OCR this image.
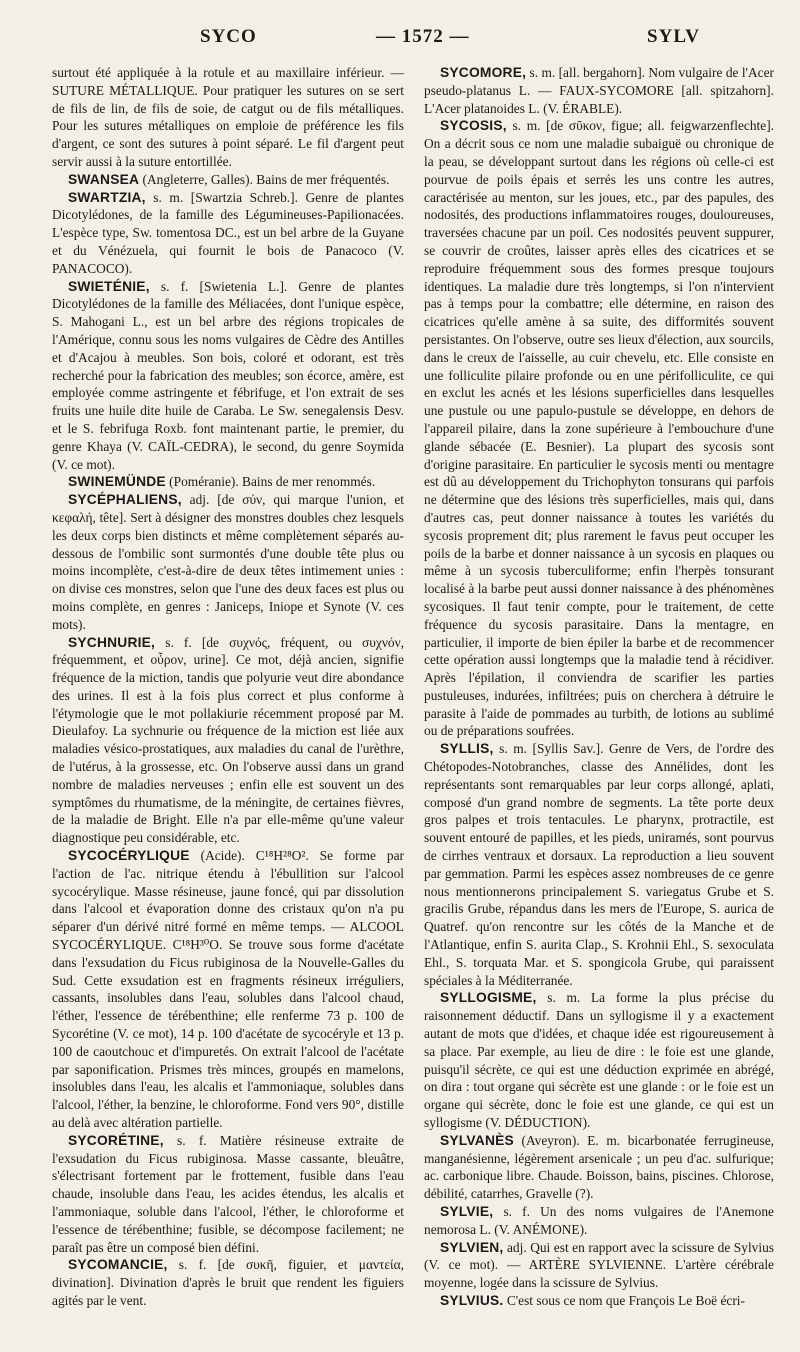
SYCO	— 1572 —	SYLV

surtout été appliquée à la rotule et au maxillaire inférieur. — SUTURE MÉTALLIQUE. Pour pratiquer les sutures on se sert de fils de lin, de fils de soie, de catgut ou de fils métalliques. Pour les sutures métalliques on emploie de préférence les fils d'argent, ce sont des sutures à point séparé. Le fil d'argent peut servir aussi à la suture entortillée.

SWANSEA (Angleterre, Galles). Bains de mer fréquentés.

SWARTZIA, s. m. [Swartzia Schreb.]. Genre de plantes Dicotylédones, de la famille des Légumineuses-Papilionacées. L'espèce type, Sw. tomentosa DC., est un bel arbre de la Guyane et du Vénézuela, qui fournit le bois de Panacoco (V. PANACOCO).

SWIETÉNIE, s. f. [Swietenia L.]. Genre de plantes Dicotylédones de la famille des Méliacées, dont l'unique espèce, S. Mahogani L., est un bel arbre des régions tropicales de l'Amérique, connu sous les noms vulgaires de Cèdre des Antilles et d'Acajou à meubles. Son bois, coloré et odorant, est très recherché pour la fabrication des meubles; son écorce, amère, est employée comme astringente et fébrifuge, et l'on extrait de ses fruits une huile dite huile de Caraba. Le Sw. senegalensis Desv. et le S. febrifuga Roxb. font maintenant partie, le premier, du genre Khaya (V. CAÏL-CEDRA), le second, du genre Soymida (V. ce mot).

SWINEMÜNDE (Poméranie). Bains de mer renommés.

SYCÉPHALIENS, adj. [de σύν, qui marque l'union, et κεφαλή, tête]. Sert à désigner des monstres doubles chez lesquels les deux corps bien distincts et même complètement séparés au-dessous de l'ombilic sont surmontés d'une double tête plus ou moins incomplète, c'est-à-dire de deux têtes intimement unies : on divise ces monstres, selon que l'une des deux faces est plus ou moins complète, en genres : Janiceps, Iniope et Synote (V. ces mots).

SYCHNURIE, s. f. [de συχνός, fréquent, ou συχνόν, fréquemment, et οὖρον, urine]. Ce mot, déjà ancien, signifie fréquence de la miction, tandis que polyurie veut dire abondance des urines. Il est à la fois plus correct et plus conforme à l'étymologie que le mot pollakiurie récemment proposé par M. Dieulafoy. La sychnurie ou fréquence de la miction est liée aux maladies vésico-prostatiques, aux maladies du canal de l'urèthre, de l'utérus, à la grossesse, etc. On l'observe aussi dans un grand nombre de maladies nerveuses ; enfin elle est souvent un des symptômes du rhumatisme, de la méningite, de certaines fièvres, de la maladie de Bright. Elle n'a par elle-même qu'une valeur diagnostique peu considérable, etc.

SYCOCÉRYLIQUE (Acide). C¹⁸H²⁸O². Se forme par l'action de l'ac. nitrique étendu à l'ébullition sur l'alcool sycocérylique. Masse résineuse, jaune foncé, qui par dissolution dans l'alcool et évaporation donne des cristaux qu'on n'a pu séparer d'un dérivé nitré formé en même temps. — ALCOOL SYCOCÉRYLIQUE. C¹⁸H³⁰O. Se trouve sous forme d'acétate dans l'exsudation du Ficus rubiginosa de la Nouvelle-Galles du Sud. Cette exsudation est en fragments résineux irréguliers, cassants, insolubles dans l'eau, solubles dans l'alcool chaud, l'éther, l'essence de térébenthine; elle renferme 73 p. 100 de Sycorétine (V. ce mot), 14 p. 100 d'acétate de sycocéryle et 13 p. 100 de caoutchouc et d'impuretés. On extrait l'alcool de l'acétate par saponification. Prismes très minces, groupés en mamelons, insolubles dans l'eau, les alcalis et l'ammoniaque, solubles dans l'alcool, l'éther, la benzine, le chloroforme. Fond vers 90°, distille au delà avec altération partielle.

SYCORÉTINE, s. f. Matière résineuse extraite de l'exsudation du Ficus rubiginosa. Masse cassante, bleuâtre, s'électrisant fortement par le frottement, fusible dans l'eau chaude, insoluble dans l'eau, les acides étendus, les alcalis et l'ammoniaque, soluble dans l'alcool, l'éther, le chloroforme et l'essence de térébenthine; fusible, se décompose facilement; ne paraît pas être un composé bien défini.

SYCOMANCIE, s. f. [de συκῆ, figuier, et μαντεία, divination]. Divination d'après le bruit que rendent les figuiers agités par le vent.

SYCOMORE, s. m. [all. bergahorn]. Nom vulgaire de l'Acer pseudo-platanus L. — FAUX-SYCOMORE [all. spitzahorn]. L'Acer platanoides L. (V. ÉRABLE).

SYCOSIS, s. m. [de σῦκον, figue; all. feigwarzenflechte]. On a décrit sous ce nom une maladie subaiguë ou chronique de la peau, se développant surtout dans les régions où celle-ci est pourvue de poils épais et serrés les uns contre les autres, caractérisée au menton, sur les joues, etc., par des papules, des nodosités, des productions inflammatoires rouges, douloureuses, traversées chacune par un poil. Ces nodosités peuvent suppurer, se couvrir de croûtes, laisser après elles des cicatrices et se reproduire fréquemment sous des formes presque toujours identiques. La maladie dure très longtemps, si l'on n'intervient pas à temps pour la combattre; elle détermine, en raison des cicatrices qu'elle amène à sa suite, des difformités souvent persistantes. On l'observe, outre ses lieux d'élection, aux sourcils, dans le creux de l'aisselle, au cuir chevelu, etc. Elle consiste en une folliculite pilaire profonde ou en une périfolliculite, ce qui en exclut les acnés et les lésions superficielles dans lesquelles une pustule ou une papulo-pustule se développe, en dehors de l'appareil pilaire, dans la zone supérieure à l'embouchure d'une glande sébacée (E. Besnier). La plupart des sycosis sont d'origine parasitaire. En particulier le sycosis menti ou mentagre est dû au développement du Trichophyton tonsurans qui parfois ne détermine que des lésions très superficielles, mais qui, dans d'autres cas, peut donner naissance à toutes les variétés du sycosis proprement dit; plus rarement le favus peut occuper les poils de la barbe et donner naissance à un sycosis en plaques ou même à un sycosis tuberculiforme; enfin l'herpès tonsurant localisé à la barbe peut aussi donner naissance à des phénomènes sycosiques. Il faut tenir compte, pour le traitement, de cette fréquence du sycosis parasitaire. Dans la mentagre, en particulier, il importe de bien épiler la barbe et de recommencer cette opération aussi longtemps que la maladie tend à récidiver. Après l'épilation, il conviendra de scarifier les parties pustuleuses, indurées, infiltrées; puis on cherchera à détruire le parasite à l'aide de pommades au turbith, de lotions au sublimé ou de préparations soufrées.

SYLLIS, s. m. [Syllis Sav.]. Genre de Vers, de l'ordre des Chétopodes-Notobranches, classe des Annélides, dont les représentants sont remarquables par leur corps allongé, aplati, composé d'un grand nombre de segments. La tête porte deux gros palpes et trois tentacules. Le pharynx, protractile, est souvent entouré de papilles, et les pieds, uniramés, sont pourvus de cirrhes ventraux et dorsaux. La reproduction a lieu souvent par gemmation. Parmi les espèces assez nombreuses de ce genre nous mentionnerons principalement S. variegatus Grube et S. gracilis Grube, répandus dans les mers de l'Europe, S. aurica de Quatref. qu'on rencontre sur les côtés de la Manche et de l'Atlantique, enfin S. aurita Clap., S. Krohnii Ehl., S. sexoculata Ehl., S. torquata Mar. et S. spongicola Grube, qui paraissent spéciales à la Méditerranée.

SYLLOGISME, s. m. La forme la plus précise du raisonnement déductif. Dans un syllogisme il y a exactement autant de mots que d'idées, et chaque idée est rigoureusement à sa place. Par exemple, au lieu de dire : le foie est une glande, puisqu'il sécrète, ce qui est une déduction exprimée en abrégé, on dira : tout organe qui sécrète est une glande : or le foie est un organe qui sécrète, donc le foie est une glande, ce qui est un syllogisme (V. DÉDUCTION).

SYLVANÈS (Aveyron). E. m. bicarbonatée ferrugineuse, manganésienne, légèrement arsenicale ; un peu d'ac. sulfurique; ac. carbonique libre. Chaude. Boisson, bains, piscines. Chlorose, débilité, catarrhes, Gravelle (?).

SYLVIE, s. f. Un des noms vulgaires de l'Anemone nemorosa L. (V. ANÉMONE).

SYLVIEN, adj. Qui est en rapport avec la scissure de Sylvius (V. ce mot). — ARTÈRE SYLVIENNE. L'artère cérébrale moyenne, logée dans la scissure de Sylvius.

SYLVIUS. C'est sous ce nom que François Le Boë écri-
